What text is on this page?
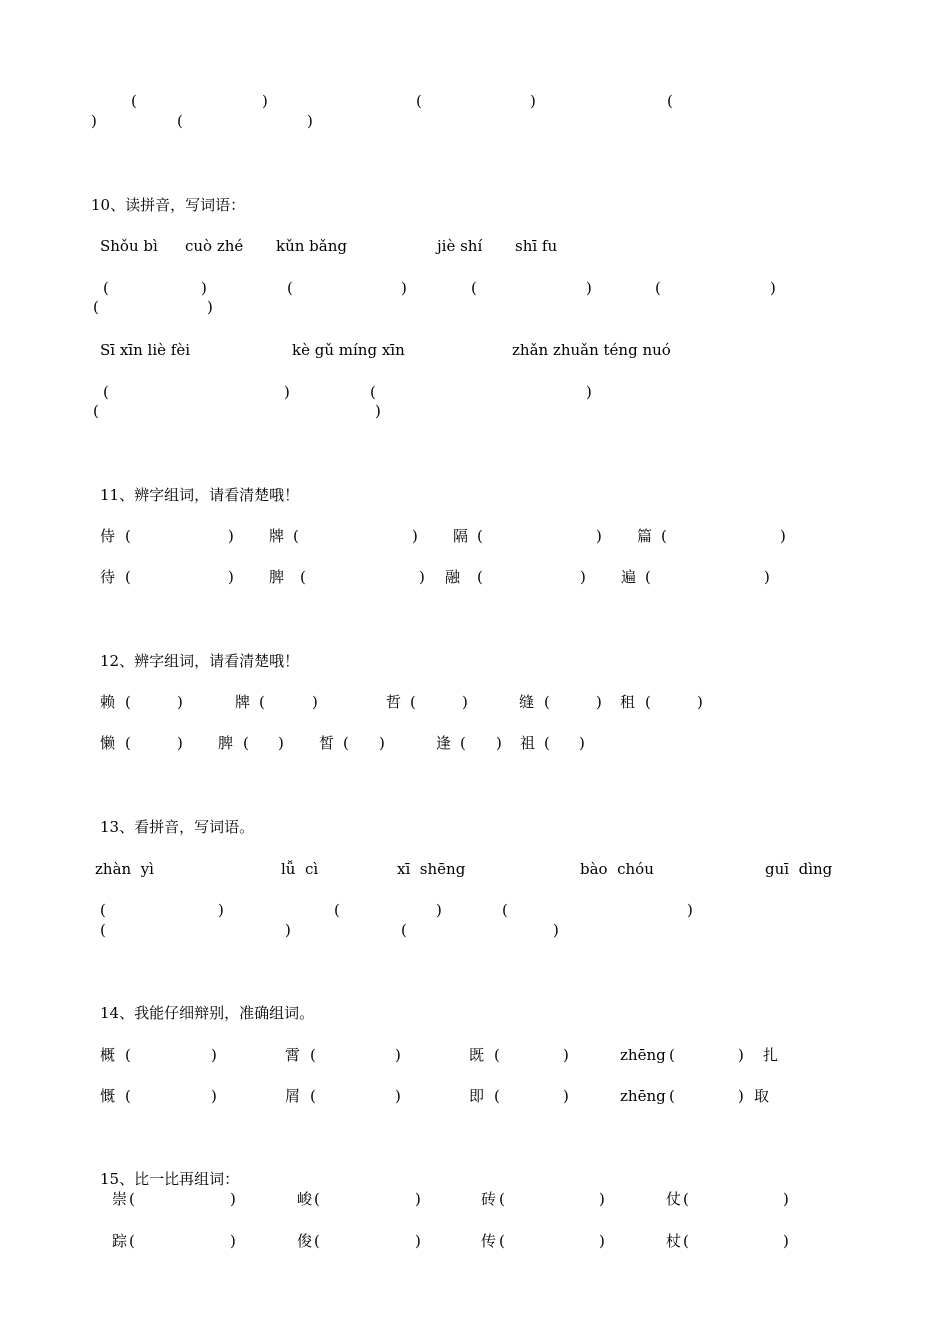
(	)	(	)	(
)	(	)
10、读拼音，写词语：
Shǒu bì cuò zhé kǔn bǎng	jiè shí shī fu
(	)	(	)	(	)	(	)
(	)
Sī xīn liè fèi	kè gǔ míng xīn	zhǎn zhuǎn téng nuó
(	)	(	)
(	)
11、辨字组词，请看清楚哦！
侍 (	) 牌 (	) 隔 (	) 篇 (	)
待 (	) 脾 (	) 融 (	) 遍 (	)
12、辨字组词，请看清楚哦！
赖 (	)	牌 (	)	哲 (	)	缝 (	) 租 (	)
懒 (	) 脾 ( ) 皙 ( )	逢 ( ) 祖 ( )
13、看拼音，写词语。
zhàn  yì	lǚ  cì	xī  shēng	bào  chóu	guī  dìng
(	)	(	)	(	)
(	)	(	)
14、我能仔细辩别，准确组词。
概 (	)	霄 (	)	既 (	)	zhēng (	) 扎
慨 (	)	屑 (	)	即 (	)	zhēng (	) 取
15、比一比再组词：
崇 (	)	峻 (	)	砖 (	)	仗 (	)
踪 (	)	俊 (	)	传 (	)	杖 (	)
